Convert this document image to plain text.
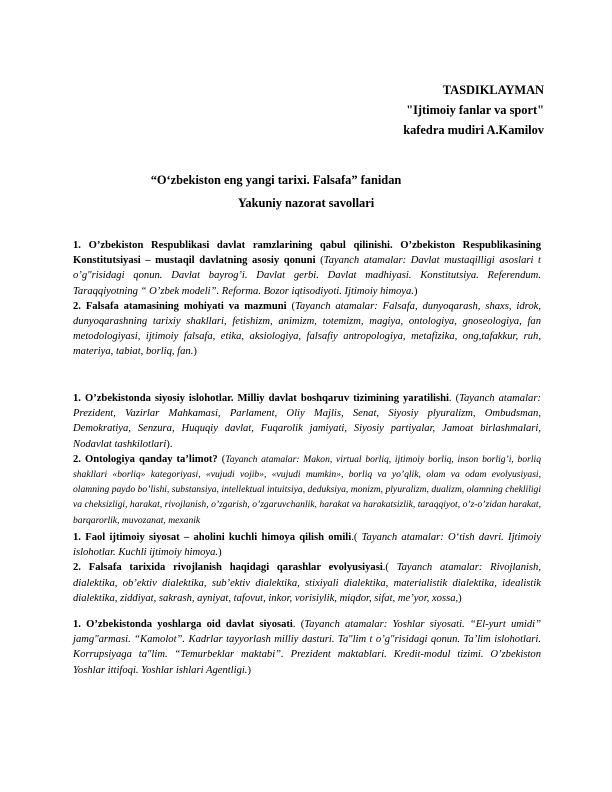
TASDIKLAYMAN
"Ijtimoiy fanlar va sport"
kafedra mudiri A.Kamilov
“O‘zbekiston eng yangi tarixi. Falsafa” fanidan
Yakuniy nazorat savollari

1. O’zbekiston Respublikasi davlat ramzlarining qabul qilinishi. O’zbekiston Respublikasining Konstitutsiyasi – mustaqil davlatning asosiy qonuni (Tayanch atamalar: Davlat mustaqilligi asoslari t o’g"risidagi qonun. Davlat bayrog’i. Davlat gerbi. Davlat madhiyasi. Konstitutsiya. Referendum. Taraqqiyotning “ O’zbek modeli”. Reforma. Bozor iqtisodiyoti. Ijtimoiy himoya.)

2. Falsafa atamasining mohiyati va mazmuni (Tayanch atamalar: Falsafa, dunyoqarash, shaxs, idrok, dunyoqarashning tarixiy shakllari, fetishizm, animizm, totemizm, magiya, ontologiya, gnoseologiya, fan metodologiyasi, ijtimoiy falsafa, etika, aksiologiya, falsafiy antropologiya, metafizika, ong,tafakkur, ruh, materiya, tabiat, borliq, fan.)

1. O’zbekistonda siyosiy islohotlar. Milliy davlat boshqaruv tizimining yaratilishi. (Tayanch atamalar: Prezident, Vazirlar Mahkamasi, Parlament, Oliy Majlis, Senat, Siyosiy plyuralizm, Ombudsman, Demokratiya, Senzura, Huquqiy davlat, Fuqarolik jamiyati, Siyosiy partiyalar, Jamoat birlashmalari, Nodavlat tashkilotlari).

2. Ontologiya qanday ta’limot? (Tayanch atamalar: Makon, virtual borliq, ijtimoiy borliq, inson borlig’i, borliq shakllari «borliq» kategoriyasi, «vujudi vojib», «vujudi mumkin», borliq va yo’qlik, olam va odam evolyusiyasi, olamning paydo bo’lishi, substansiya, intellektual intuitsiya, deduksiya, monizm, plyuralizm, dualizm, olamning cheklіligi va cheksizligi, harakat, rivojlanish, o’zgarish, o’zgaruvchanlik, harakat va harakatsizlik, taraqqiyot, o’z-o’zidan harakat, barqarorlik, muvozanat, mexanik

1. Faol ijtimoiy siyosat – aholini kuchli himoya qilish omili.( Tayanch atamalar: O‘tish davri. Ijtimoiy islohotlar. Kuchli ijtimoiy himoya.)

2. Falsafa tarixida rivojlanish haqidagi qarashlar evolyusiyasi.( Tayanch atamalar: Rivojlanish, dialektika, ob’ektiv dialektika, sub’ektiv dialektika, stixiyali dialektika, materialistik dialektika, idealistik dialektika, ziddiyat, sakrash, ayniyat, tafovut, inkor, vorisiylik, miqdor, sifat, me’yor, xossa,)

1. O’zbekistonda yoshlarga oid davlat siyosati. (Tayanch atamalar: Yoshlar siyosati. “El-yurt umidi” jamg"armasi. “Kamolot”. Kadrlar tayyorlash milliy dasturi. Ta"lim t o’g"risidagi qonun. Ta’lim islohotlari. Korrupsiyaga ta"lim. “Temurbeklar maktabi”. Prezident maktablari. Kredit-modul tizimi. O’zbekiston Yoshlar ittifoqi. Yoshlar ishlari Agentligi.)
